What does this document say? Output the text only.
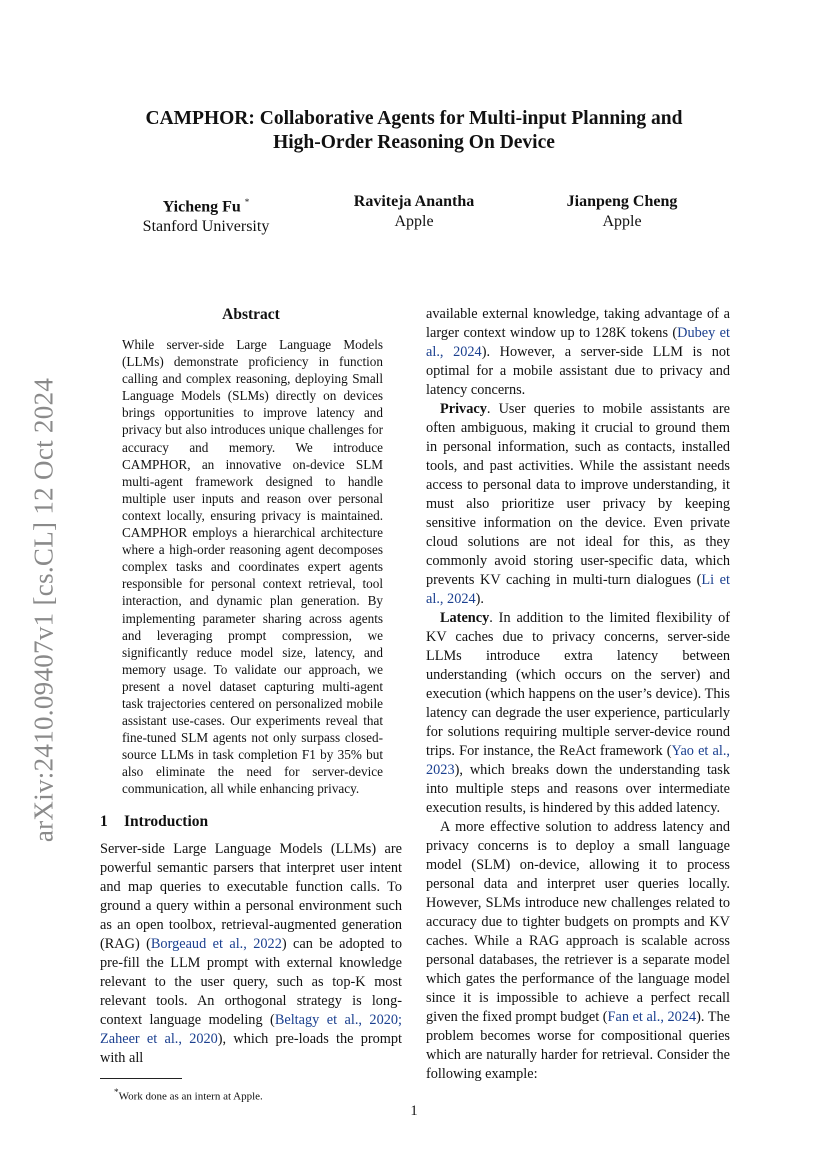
CAMPHOR: Collaborative Agents for Multi-input Planning and
High-Order Reasoning On Device
Yicheng Fu *
Stanford University
Raviteja Anantha
Apple
Jianpeng Cheng
Apple
arXiv:2410.09407v1 [cs.CL] 12 Oct 2024
Abstract

While server-side Large Language Models (LLMs) demonstrate proficiency in function calling and complex reasoning, deploying Small Language Models (SLMs) directly on devices brings opportunities to improve latency and privacy but also introduces unique challenges for accuracy and memory. We introduce CAMPHOR, an innovative on-device SLM multi-agent framework designed to handle multiple user inputs and reason over personal context locally, ensuring privacy is maintained. CAMPHOR employs a hierarchical architecture where a high-order reasoning agent decomposes complex tasks and coordinates expert agents responsible for personal context retrieval, tool interaction, and dynamic plan generation. By implementing parameter sharing across agents and leveraging prompt compression, we significantly reduce model size, latency, and memory usage. To validate our approach, we present a novel dataset capturing multi-agent task trajectories centered on personalized mobile assistant use-cases. Our experiments reveal that fine-tuned SLM agents not only surpass closed-source LLMs in task completion F1 by 35% but also eliminate the need for server-device communication, all while enhancing privacy.

1 Introduction

Server-side Large Language Models (LLMs) are powerful semantic parsers that interpret user intent and map queries to executable function calls. To ground a query within a personal environment such as an open toolbox, retrieval-augmented generation (RAG) (Borgeaud et al., 2022) can be adopted to pre-fill the LLM prompt with external knowledge relevant to the user query, such as top-K most relevant tools. An orthogonal strategy is long-context language modeling (Beltagy et al., 2020; Zaheer et al., 2020), which pre-loads the prompt with all

*Work done as an intern at Apple.

available external knowledge, taking advantage of a larger context window up to 128K tokens (Dubey et al., 2024). However, a server-side LLM is not optimal for a mobile assistant due to privacy and latency concerns.

Privacy. User queries to mobile assistants are often ambiguous, making it crucial to ground them in personal information, such as contacts, installed tools, and past activities. While the assistant needs access to personal data to improve understanding, it must also prioritize user privacy by keeping sensitive information on the device. Even private cloud solutions are not ideal for this, as they commonly avoid storing user-specific data, which prevents KV caching in multi-turn dialogues (Li et al., 2024).

Latency. In addition to the limited flexibility of KV caches due to privacy concerns, server-side LLMs introduce extra latency between understanding (which occurs on the server) and execution (which happens on the user’s device). This latency can degrade the user experience, particularly for solutions requiring multiple server-device round trips. For instance, the ReAct framework (Yao et al., 2023), which breaks down the understanding task into multiple steps and reasons over intermediate execution results, is hindered by this added latency.

A more effective solution to address latency and privacy concerns is to deploy a small language model (SLM) on-device, allowing it to process personal data and interpret user queries locally. However, SLMs introduce new challenges related to accuracy due to tighter budgets on prompts and KV caches. While a RAG approach is scalable across personal databases, the retriever is a separate model which gates the performance of the language model since it is impossible to achieve a perfect recall given the fixed prompt budget (Fan et al., 2024). The problem becomes worse for compositional queries which are naturally harder for retrieval. Consider the following example:

1
